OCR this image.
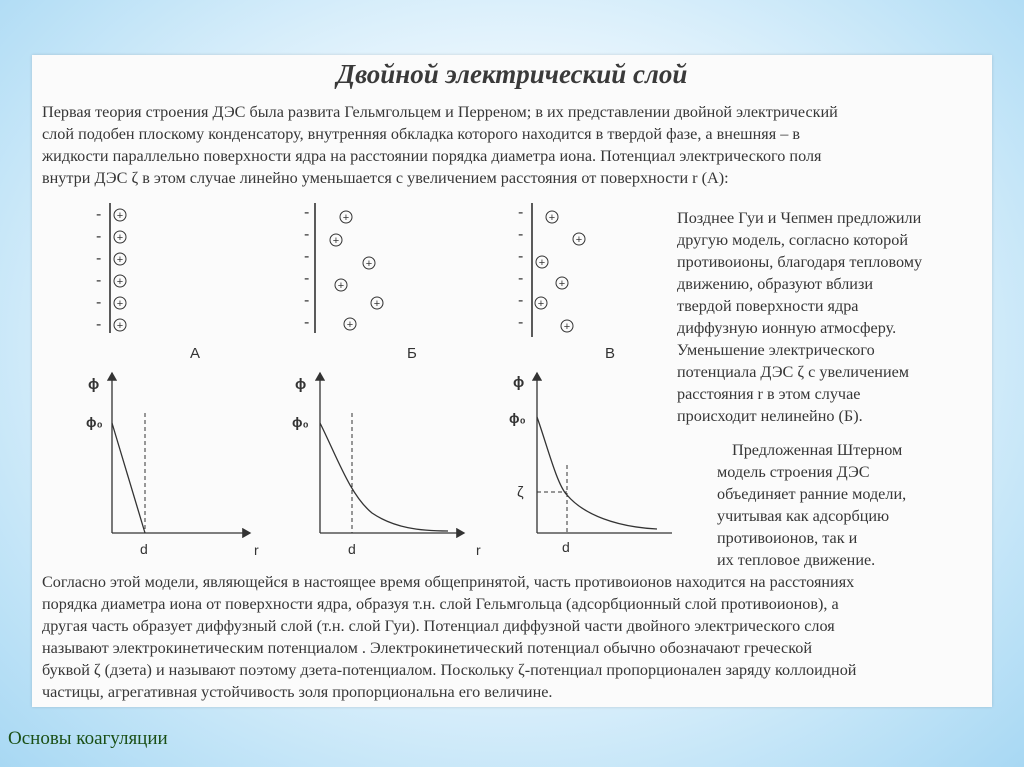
Двойной электрический слой
Первая теория строения ДЭС была развита Гельмгольцем и Перреном; в их представлении двойной электрический
слой подобен плоскому конденсатору, внутренняя обкладка которого находится в твердой фазе, а внешняя – в
жидкости параллельно поверхности ядра на расстоянии порядка диаметра иона. Потенциал электрического поля
внутри ДЭС ζ в этом случае линейно уменьшается с увеличением расстояния от поверхности r (А):
Позднее Гуи и Чепмен предложили
другую модель, согласно которой
противоионы, благодаря тепловому
движению, образуют вблизи
твердой поверхности ядра
диффузную ионную атмосферу.
Уменьшение электрического
потенциала ДЭС ζ с увеличением
расстояния r в этом случае
происходит нелинейно (Б).
Предложенная Штерном
модель строения ДЭС
объединяет ранние модели,
учитывая как адсорбцию
противоионов, так и
их тепловое движение.
Согласно этой модели, являющейся в настоящее время общепринятой, часть противоионов находится на расстояниях
порядка диаметра иона от поверхности ядра, образуя т.н. слой Гельмгольца (адсорбционный слой противоионов), а
другая часть образует диффузный слой (т.н. слой Гуи). Потенциал диффузной части двойного электрического слоя
называют электрокинетическим потенциалом . Электрокинетический потенциал обычно обозначают греческой
буквой ζ (дзета) и называют поэтому дзета-потенциалом. Поскольку ζ-потенциал пропорционален заряду коллоидной
частицы, агрегативная устойчивость золя пропорциональна его величине.
-
-
-
-
-
-
+
+
+
+
+
+
А
-
-
-
-
-
-
+
+
+
+
+
+
Б
-
-
-
-
-
-
+
+
+
+
+
+
В
ϕ
ϕ₀
d	r
ϕ
ϕ₀
d	r
ϕ
ϕ₀
ζ
d
Основы коагуляции
